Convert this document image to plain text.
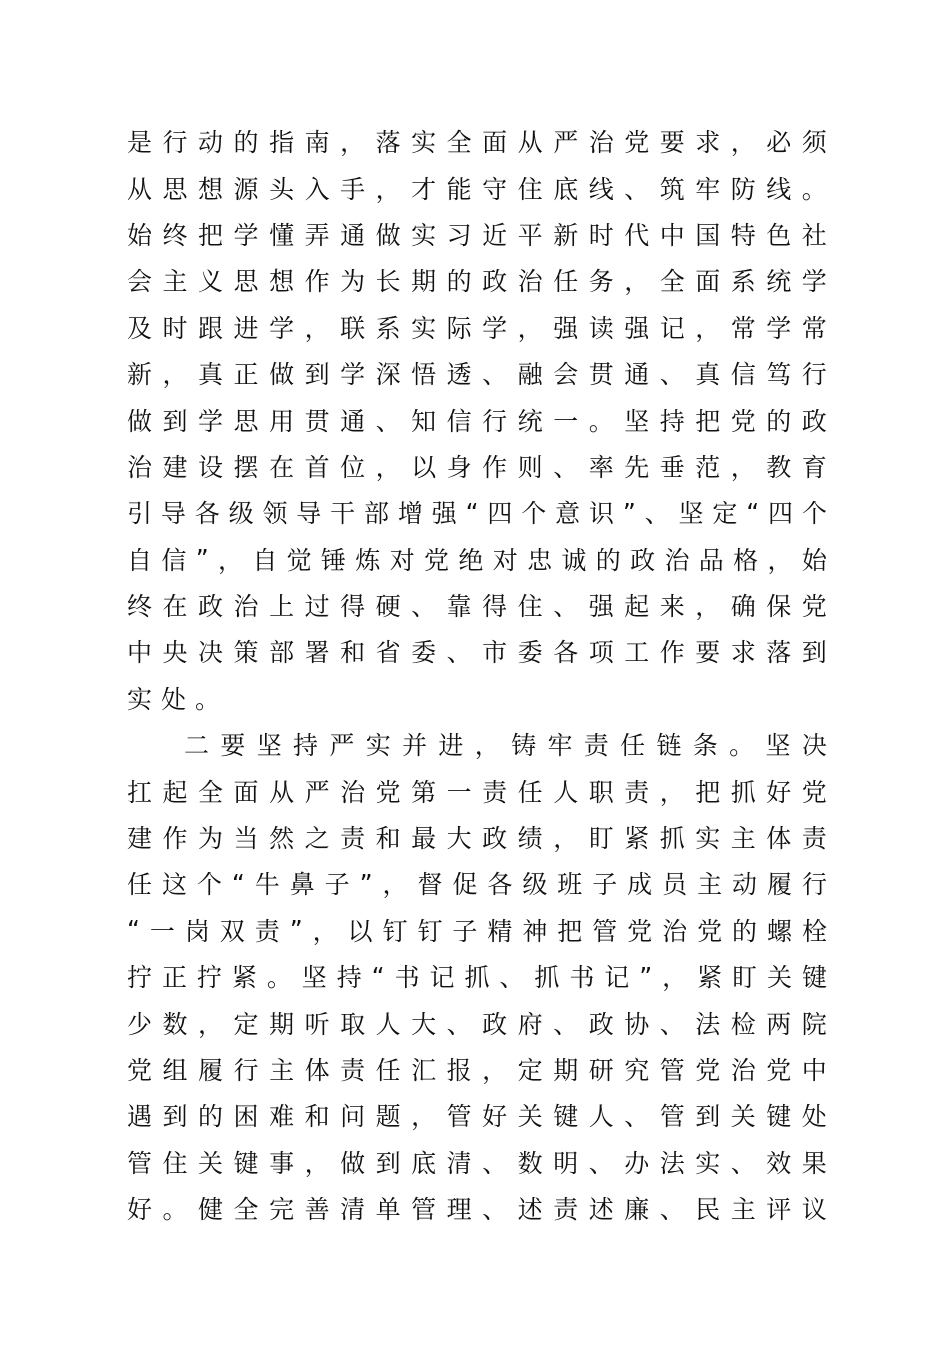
是 行 动 的 指 南 ， 落 实 全 面 从 严 治 党 要 求 ， 必 须
从 思 想 源 头 入 手 ， 才 能 守 住 底 线 、 筑 牢 防 线 。
始 终 把 学 懂 弄 通 做 实 习 近 平 新 时 代 中 国 特 色 社
会 主 义 思 想 作 为 长 期 的 政 治 任 务 ， 全 面 系 统 学
及 时 跟 进 学 ， 联 系 实 际 学 ， 强 读 强 记 ， 常 学 常
新 ， 真 正 做 到 学 深 悟 透 、 融 会 贯 通 、 真 信 笃 行
做 到 学 思 用 贯 通 、 知 信 行 统 一 。 坚 持 把 党 的 政
治 建 设 摆 在 首 位 ， 以 身 作 则 、 率 先 垂 范 ， 教 育
引 导 各 级 领 导 干 部 增 强 “ 四 个 意 识 ” 、 坚 定 “ 四 个
自 信 ” ， 自 觉 锤 炼 对 党 绝 对 忠 诚 的 政 治 品 格 ， 始
终 在 政 治 上 过 得 硬 、 靠 得 住 、 强 起 来 ， 确 保 党
中 央 决 策 部 署 和 省 委 、 市 委 各 项 工 作 要 求 落 到
实 处 。
二 要 坚 持 严 实 并 进 ， 铸 牢 责 任 链 条 。 坚 决
扛 起 全 面 从 严 治 党 第 一 责 任 人 职 责 ， 把 抓 好 党
建 作 为 当 然 之 责 和 最 大 政 绩 ， 盯 紧 抓 实 主 体 责
任 这 个 “ 牛 鼻 子 ” ， 督 促 各 级 班 子 成 员 主 动 履 行
“ 一 岗 双 责 ” ， 以 钉 钉 子 精 神 把 管 党 治 党 的 螺 栓
拧 正 拧 紧 。 坚 持 “ 书 记 抓 、 抓 书 记 ” ， 紧 盯 关 键
少 数 ， 定 期 听 取 人 大 、 政 府 、 政 协 、 法 检 两 院
党 组 履 行 主 体 责 任 汇 报 ， 定 期 研 究 管 党 治 党 中
遇 到 的 困 难 和 问 题 ， 管 好 关 键 人 、 管 到 关 键 处
管 住 关 键 事 ， 做 到 底 清 、 数 明 、 办 法 实 、 效 果
好 。 健 全 完 善 清 单 管 理 、 述 责 述 廉 、 民 主 评 议
